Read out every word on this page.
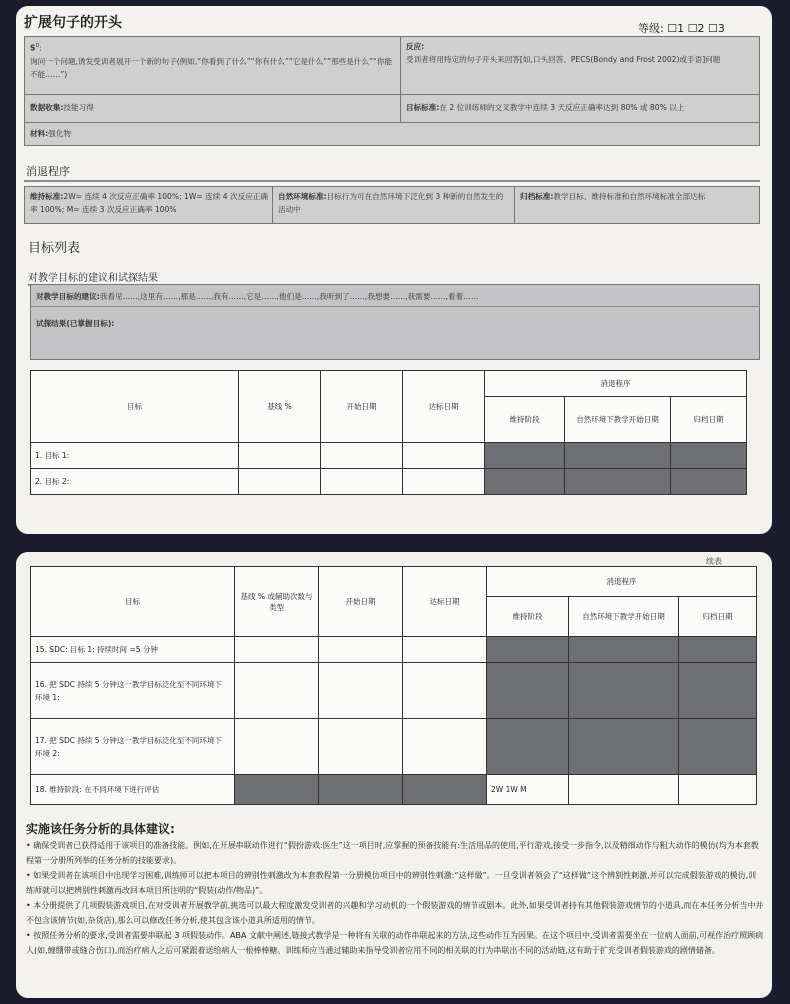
扩展句子的开头	等级: ☐1 ☐2 ☐3
$S^D$:
询问一个问题,诱发受训者展开一个新的句子(例如,“你看到了什么”“你有什么”“它是什么”“那些是什么”“你能不能……”)
反应:
受训者将用特定的句子开头来回答[如,口头回答、PECS(Bondy and Frost 2002)或手语]问题
数据收集:技能习得	目标标准:在 2 位训练师的交叉教学中连续 3 天反应正确率达到 80% 或 80% 以上
材料:强化物
消退程序
维持标准:2W= 连续 4 次反应正确率 100%; 1W= 连续 4 次反应正确率 100%; M= 连续 3 次反应正确率 100%
自然环境标准:目标行为可在自然环境下泛化到 3 种新的自然发生的活动中
归档标准:教学目标、维持标准和自然环境标准全部达标
目标列表
对教学目标的建议和试探结果
对教学目标的建议:我看见……,这里有……,那是……,我有……,它是……,他们是……,我听到了……,我想要……,我需要……,看着……
试探结果(已掌握目标):
目标	基线 %	开始日期	达标日期	消退程序		
				维持阶段	自然环境下教学开始日期	归档日期
1. 目标 1:						
2. 目标 2:						
续表
目标	基线 % 或辅助次数与类型	开始日期	达标日期	消退程序		
				维持阶段	自然环境下教学开始日期	归档日期
15. SDC: 目标 1: 持续时间 =5 分钟						
16. 把 SDC 持续 5 分钟这一教学目标泛化至不同环境下 环境 1:						
17. 把 SDC 持续 5 分钟这一教学目标泛化至不同环境下 环境 2:						
18. 维持阶段: 在不同环境下进行评估				2W 1W M		
实施该任务分析的具体建议:

• 确保受训者已获得适用于该项目的准备技能。例如,在开展串联动作进行“假扮游戏:医生”这一项目时,应掌握的预备技能有:生活用品的使用,平行游戏,接受一步指令,以及精细动作与粗大动作的模仿(均为本套教程第一分册所列举的任务分析的技能要求)。

• 如果受训者在该项目中出现学习困难,训练师可以把本项目的辨别性刺激改为本套教程第一分册模仿项目中的辨别性刺激:“这样做”。一旦受训者领会了“这样做”这个辨别性刺激,并可以完成假装游戏的模仿,训练师就可以把辨别性刺激再改回本项目所注明的“假装(动作/物品)”。

• 本分册提供了几项假装游戏项目,在对受训者开展教学前,挑选可以最大程度激发受训者的兴趣和学习动机的一个假装游戏的情节或剧本。此外,如果受训者持有其他假装游戏情节的小道具,而在本任务分析当中并不包含该情节(如,杂货店),那么可以修改任务分析,使其包含该小道具所适用的情节。

• 按照任务分析的要求,受训者需要串联起 3 项假装动作。ABA 文献中阐述,链接式教学是一种将有关联的动作串联起来的方法,这些动作互为因果。在这个项目中,受训者需要坐在一位病人面前,可视作治疗照顾病人(如,缠绷带或缝合伤口),而治疗病人之后可紧跟着送给病人一根棒棒糖。训练师应当通过辅助来指导受训者应用不同的相关联的行为串联出不同的活动链,这有助于扩充受训者假装游戏的剧情储备。
